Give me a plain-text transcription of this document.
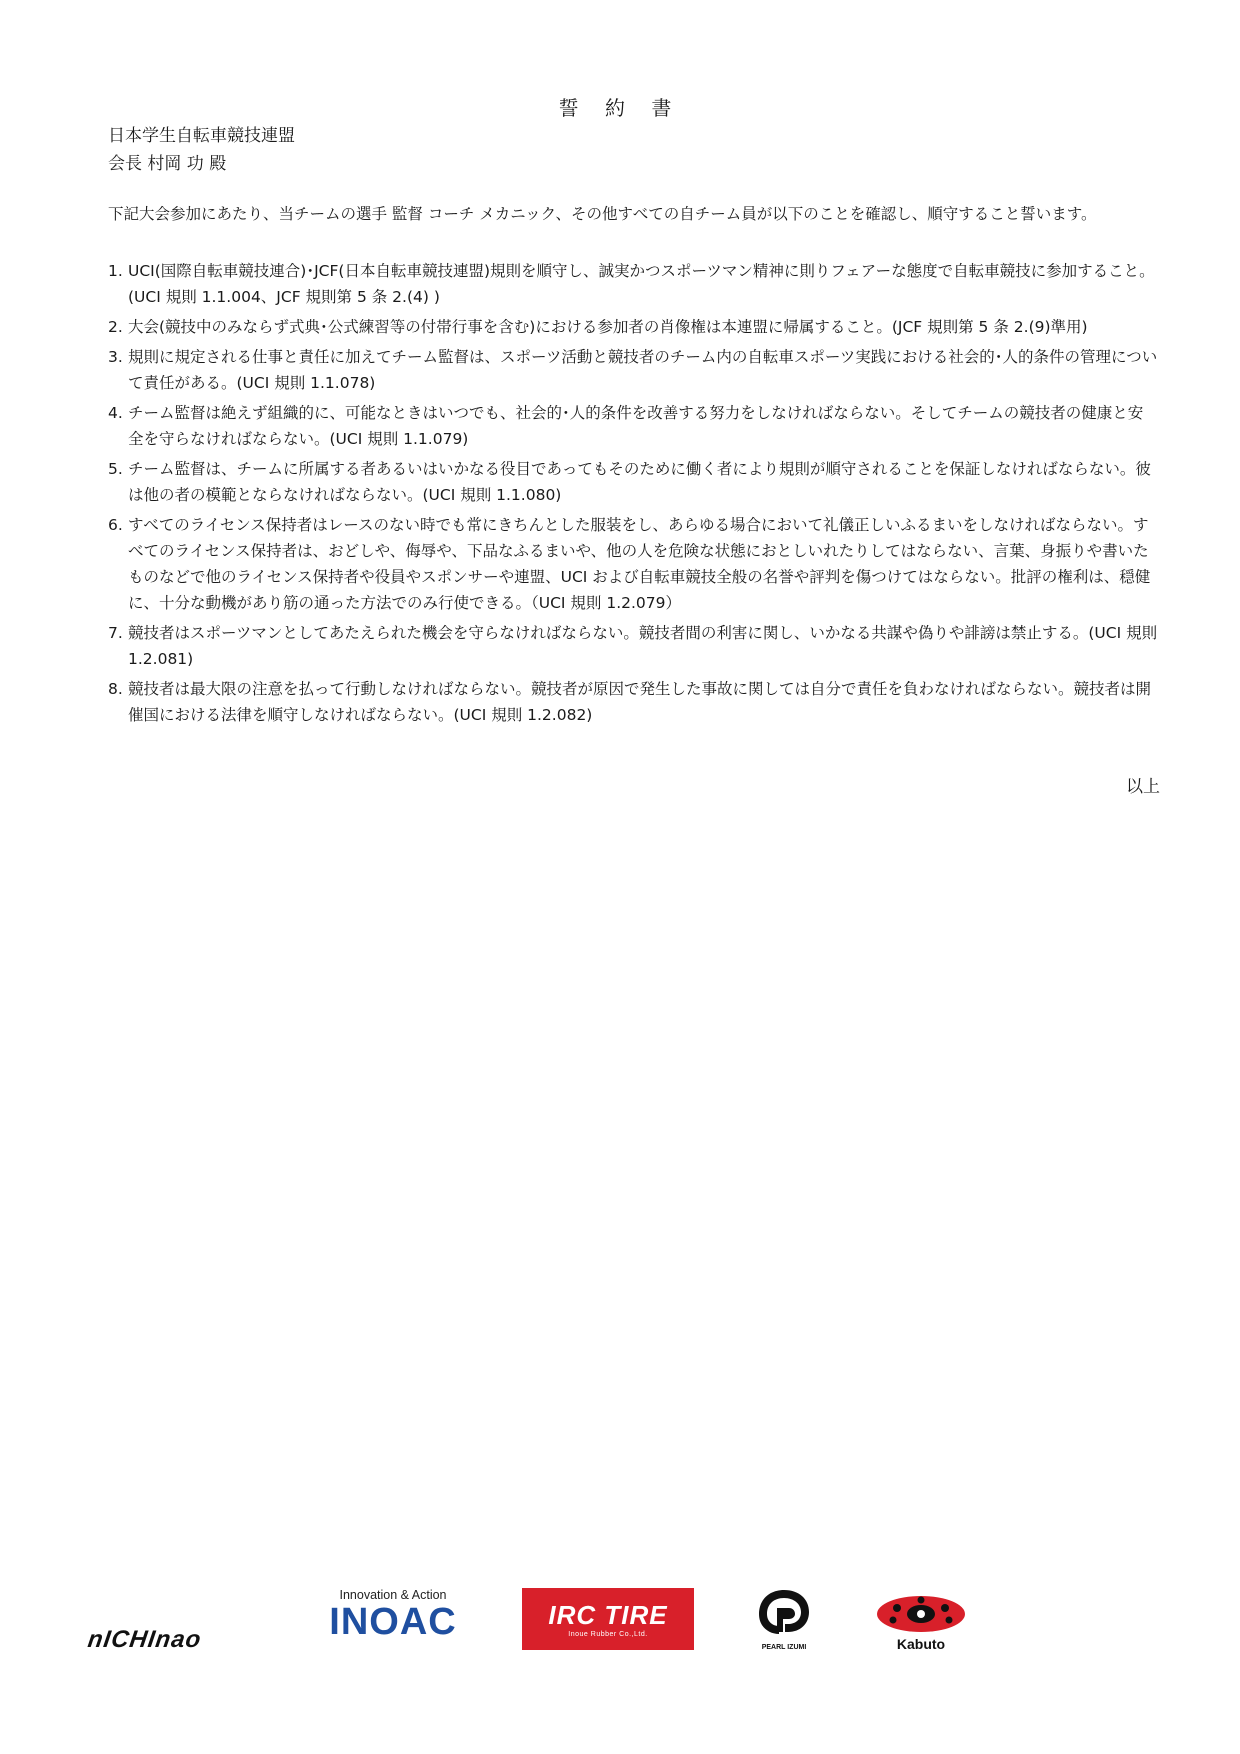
誓 約 書
日本学生自転車競技連盟
会長 村岡 功 殿
下記大会参加にあたり、当チームの選手 監督 コーチ メカニック、その他すべての自チーム員が以下のことを確認し、順守すること誓います。
1. UCI(国際自転車競技連合)･JCF(日本自転車競技連盟)規則を順守し、誠実かつスポーツマン精神に則りフェアーな態度で自転車競技に参加すること。(UCI 規則 1.1.004、JCF 規則第 5 条 2.(4) )
2. 大会(競技中のみならず式典･公式練習等の付帯行事を含む)における参加者の肖像権は本連盟に帰属すること。(JCF 規則第 5 条 2.(9)準用)
3. 規則に規定される仕事と責任に加えてチーム監督は、スポーツ活動と競技者のチーム内の自転車スポーツ実践における社会的･人的条件の管理について責任がある。(UCI 規則 1.1.078)
4. チーム監督は絶えず組織的に、可能なときはいつでも、社会的･人的条件を改善する努力をしなければならない。そしてチームの競技者の健康と安全を守らなければならない。(UCI 規則 1.1.079)
5. チーム監督は、チームに所属する者あるいはいかなる役目であってもそのために働く者により規則が順守されることを保証しなければならない。彼は他の者の模範とならなければならない。(UCI 規則 1.1.080)
6. すべてのライセンス保持者はレースのない時でも常にきちんとした服装をし、あらゆる場合において礼儀正しいふるまいをしなければならない。すべてのライセンス保持者は、おどしや、侮辱や、下品なふるまいや、他の人を危険な状態におとしいれたりしてはならない、言葉、身振りや書いたものなどで他のライセンス保持者や役員やスポンサーや連盟、UCI および自転車競技全般の名誉や評判を傷つけてはならない。批評の権利は、穏健に、十分な動機があり筋の通った方法でのみ行使できる。（UCI 規則 1.2.079）
7. 競技者はスポーツマンとしてあたえられた機会を守らなければならない。競技者間の利害に関し、いかなる共謀や偽りや誹謗は禁止する。(UCI 規則 1.2.081)
8. 競技者は最大限の注意を払って行動しなければならない。競技者が原因で発生した事故に関しては自分で責任を負わなければならない。競技者は開催国における法律を順守しなければならない。(UCI 規則 1.2.082)
以上
nICHInao
Innovation & Action
INOAC	IRC TIRE
Inoue Rubber Co.,Ltd.
PEARL IZUMI	Kabuto
